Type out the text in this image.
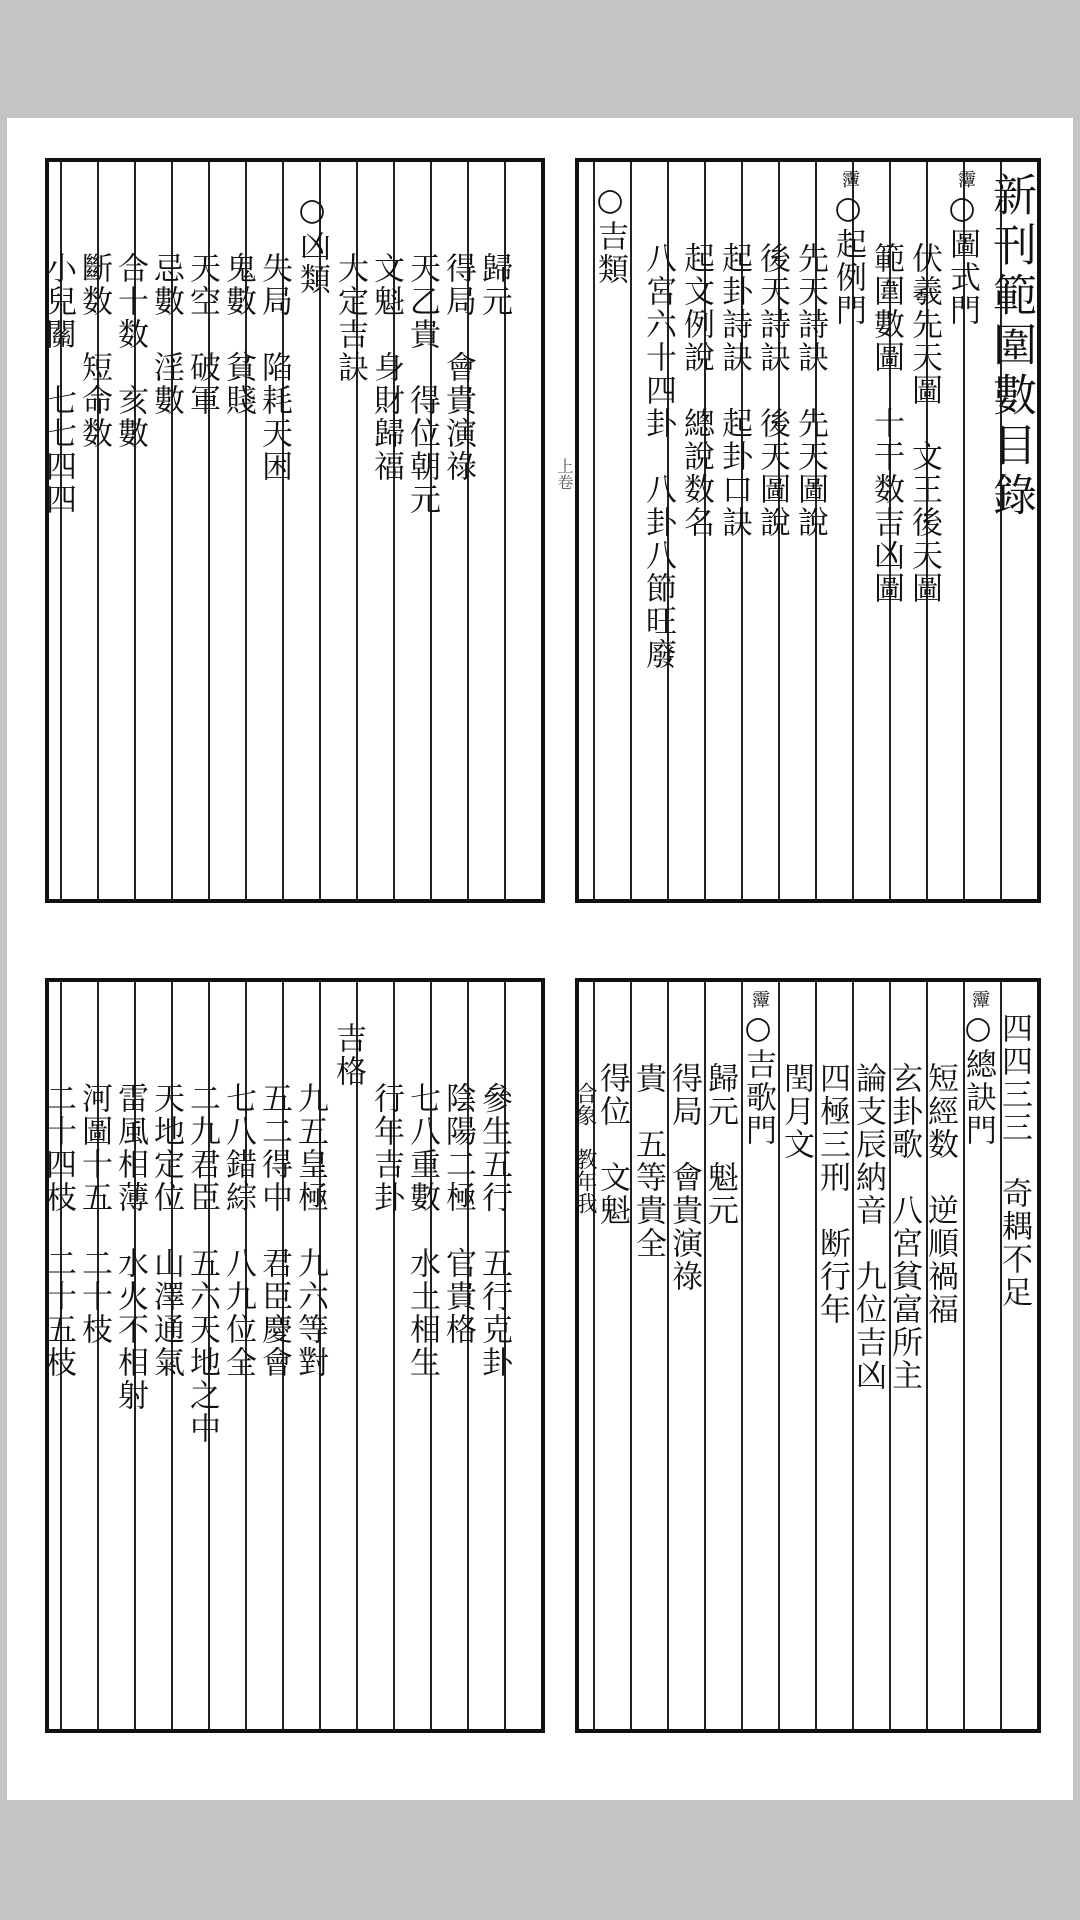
新刊範圍數目錄
䨵
○圖式門
伏羲先天圖　文王後天圖
範圍數圖　十干数吉凶圖
䨵
○起例門
先天詩訣　先天圖說
後天詩訣　後天圖說
起卦詩訣　起卦口訣
起文例說　總說数名
八宮六十四卦　八卦八節旺廢
○吉類
上卷
歸元
得局　會貴演祿
天乙貴　得位朝元
文魁　身財歸福
大定吉訣
○凶類
失局　陷耗天困
鬼數　貧賤
天空　破軍
忌數　淫數
合十数　亥數
斷数　短命数
小兒關　七七四四
四四三三　奇耦不足
䨵
○總訣門
短經数　逆順禍福
玄卦歌　八宮貧富所主
論支辰納音　九位吉凶
四極三刑　断行年
閏月文
䨵
○吉歌門
歸元　魁元
得局　會貴演祿
貴　五等貴全
得位　文魁
合象　教年我
參生五行　五行克卦
陰陽二極　官貴格
七八重數　水土相生
行年吉卦
吉格
九五皇極　九六等對
五二得中　君臣慶會
七八錯綜　八九位全
二九君臣　五六天地之中
天地定位　山澤通氣
雷風相薄　水火不相射
河圖十五　二十枝
二十四枝　二十五枝
